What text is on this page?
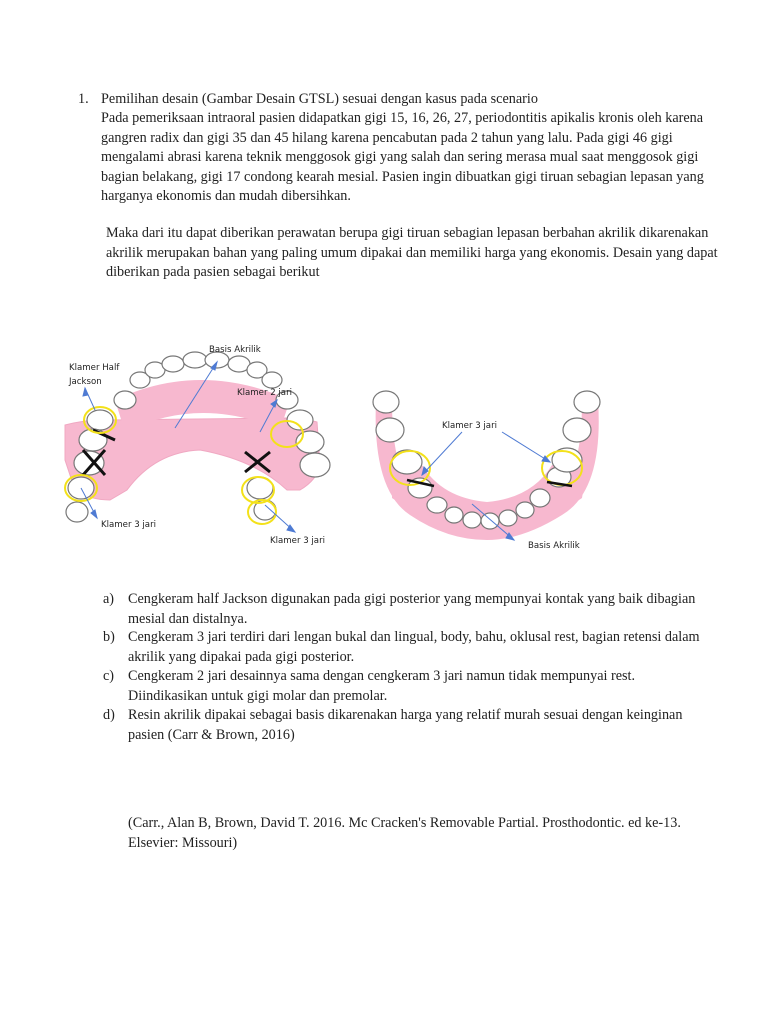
1. Pemilihan desain (Gambar Desain GTSL) sesuai dengan kasus pada scenario

Pada pemeriksaan intraoral pasien didapatkan gigi 15, 16, 26, 27, periodontitis apikalis kronis oleh karena gangren radix dan gigi 35 dan 45 hilang karena pencabutan pada 2 tahun yang lalu. Pada gigi 46 gigi mengalami abrasi karena teknik menggosok gigi yang salah dan sering merasa mual saat menggosok gigi bagian belakang, gigi 17 condong kearah mesial. Pasien ingin dibuatkan gigi tiruan sebagian lepasan yang harganya ekonomis dan mudah dibersihkan.

Maka dari itu dapat diberikan perawatan berupa gigi tiruan sebagian lepasan berbahan akrilik dikarenakan akrilik merupakan bahan yang paling umum dipakai dan memiliki harga yang ekonomis. Desain yang dapat diberikan pada pasien sebagai berikut

Basis Akrilik
Klamer Half Jackson
Klamer 2 jari
Klamer 3 jari
Klamer 3 jari
Klamer 3 jari
Basis Akrilik
a) Cengkeram half Jackson digunakan pada gigi posterior yang mempunyai kontak yang baik dibagian mesial dan distalnya.
b) Cengkeram 3 jari terdiri dari lengan bukal dan lingual, body, bahu, oklusal rest, bagian retensi dalam akrilik yang dipakai pada gigi posterior.
c) Cengkeram 2 jari desainnya sama dengan cengkeram 3 jari namun tidak mempunyai rest. Diindikasikan untuk gigi molar dan premolar.
d) Resin akrilik dipakai sebagai basis dikarenakan harga yang relatif murah sesuai dengan keinginan pasien (Carr & Brown, 2016)
(Carr., Alan B, Brown, David T. 2016. Mc Cracken's Removable Partial. Prosthodontic. ed ke-13. Elsevier: Missouri)
